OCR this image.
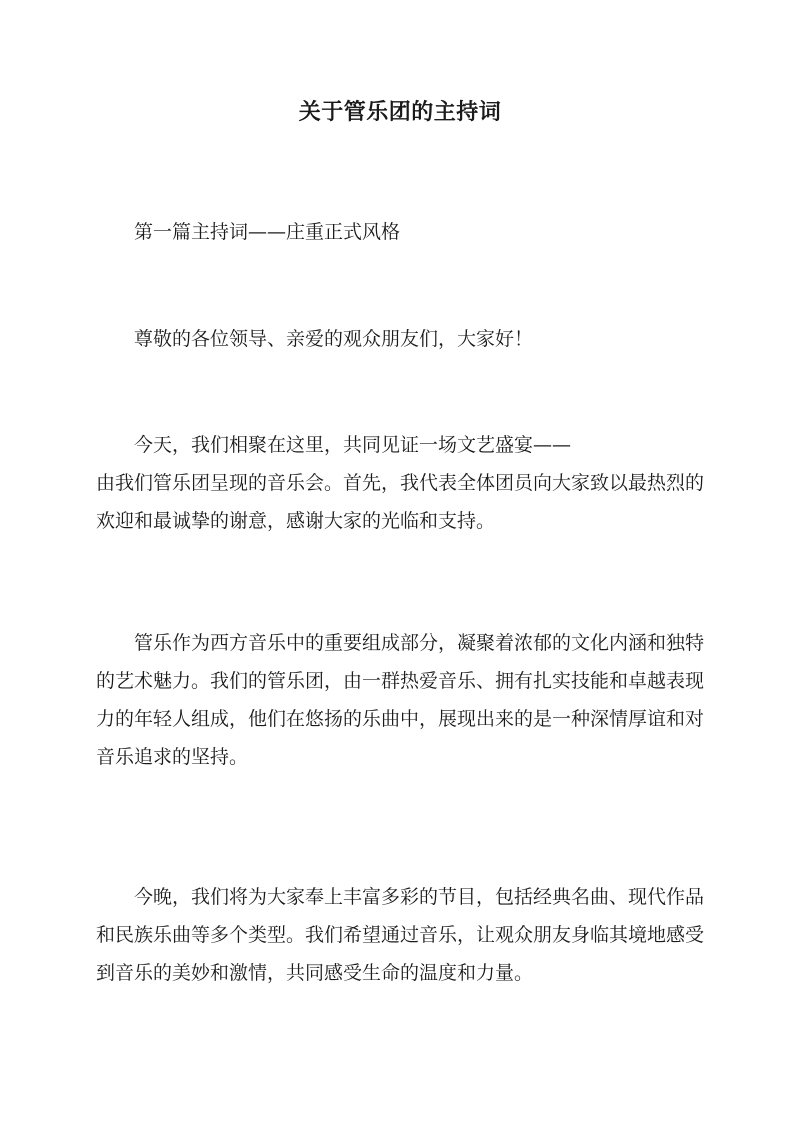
关于管乐团的主持词

第一篇主持词——庄重正式风格

尊敬的各位领导、亲爱的观众朋友们，大家好！

今天，我们相聚在这里，共同见证一场文艺盛宴——
由我们管乐团呈现的音乐会。首先，我代表全体团员向大家致以最热烈的
欢迎和最诚挚的谢意，感谢大家的光临和支持。

管乐作为西方音乐中的重要组成部分，凝聚着浓郁的文化内涵和独特
的艺术魅力。我们的管乐团，由一群热爱音乐、拥有扎实技能和卓越表现
力的年轻人组成，他们在悠扬的乐曲中，展现出来的是一种深情厚谊和对
音乐追求的坚持。

今晚，我们将为大家奉上丰富多彩的节目，包括经典名曲、现代作品
和民族乐曲等多个类型。我们希望通过音乐，让观众朋友身临其境地感受
到音乐的美妙和激情，共同感受生命的温度和力量。
